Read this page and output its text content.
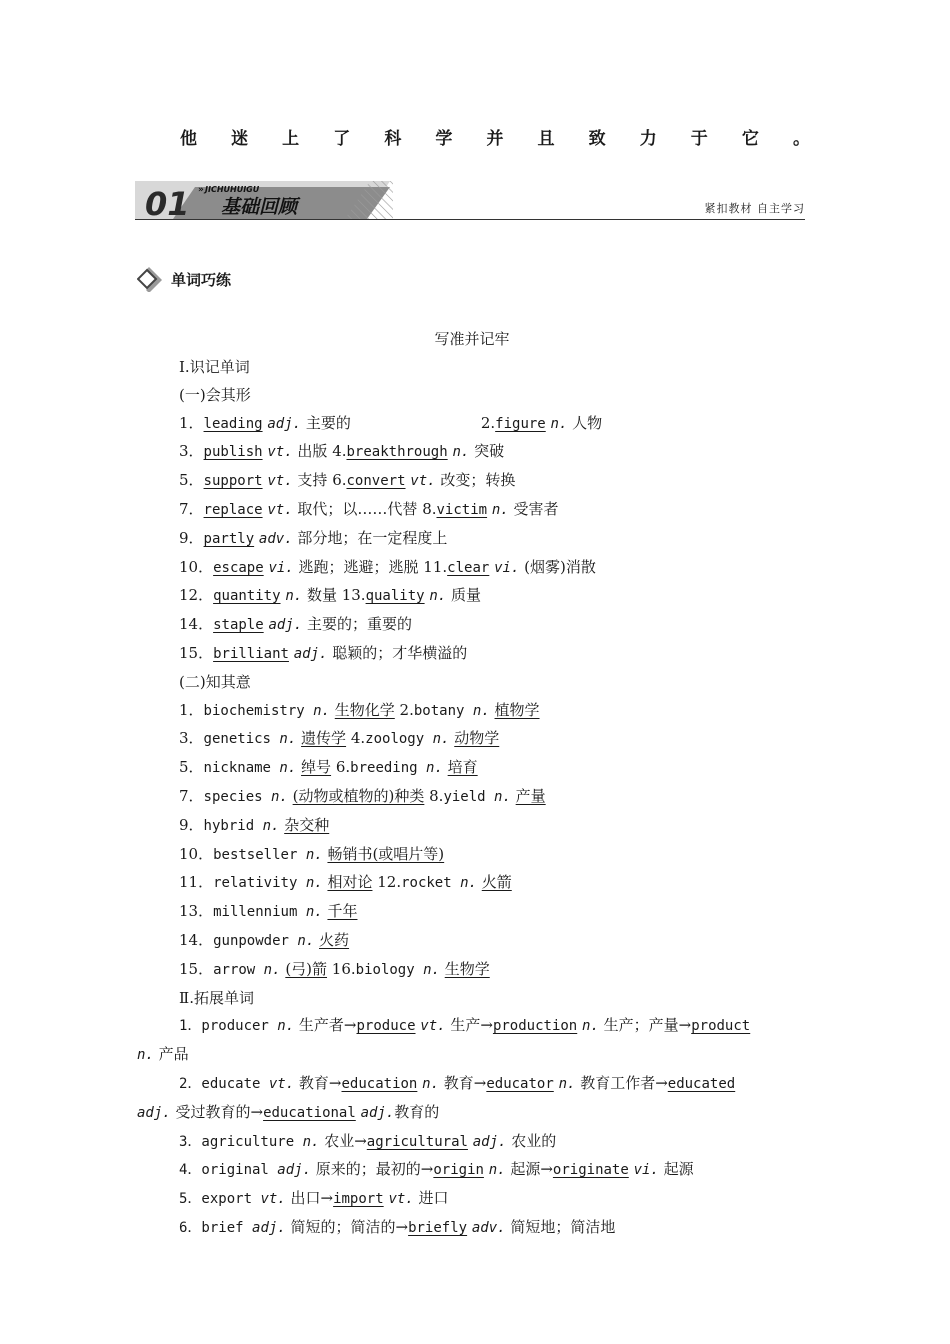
他 迷 上 了 科 学 并 且 致 力 于 它 。
01 JICHUHUIGU
基础回顾
»
紧扣教材 自主学习
单词巧练
写准并记牢
Ⅰ.识记单词
(一)会其形
1．leading adj. 主要的	2.figure n. 人物
3．publish vt. 出版 4.breakthrough n. 突破
5．support vt. 支持 6.convert vt. 改变；转换
7．replace vt. 取代；以……代替 8.victim n. 受害者
9．partly adv. 部分地；在一定程度上
10．escape vi. 逃跑；逃避；逃脱 11.clear vi. (烟雾)消散
12．quantity n. 数量 13.quality n. 质量
14．staple adj. 主要的；重要的
15．brilliant adj. 聪颖的；才华横溢的
(二)知其意
1．biochemistry n. 生物化学 2.botany n. 植物学
3．genetics n. 遗传学 4.zoology n. 动物学
5．nickname n. 绰号 6.breeding n. 培育
7．species n. (动物或植物的)种类 8.yield n. 产量
9．hybrid n. 杂交种
10．bestseller n. 畅销书(或唱片等)
11．relativity n. 相对论 12.rocket n. 火箭
13．millennium n. 千年
14．gunpowder n. 火药
15．arrow n. (弓)箭 16.biology n. 生物学
Ⅱ.拓展单词
1．producer n. 生产者→produce vt. 生产→production n. 生产；产量→product
n. 产品
2．educate vt. 教育→education n. 教育→educator n. 教育工作者→educated
adj. 受过教育的→educational adj.教育的
3．agriculture n. 农业→agricultural adj. 农业的
4．original adj. 原来的；最初的→origin n. 起源→originate vi. 起源
5．export vt. 出口→import vt. 进口
6．brief adj. 简短的；简洁的→briefly adv. 简短地；简洁地
